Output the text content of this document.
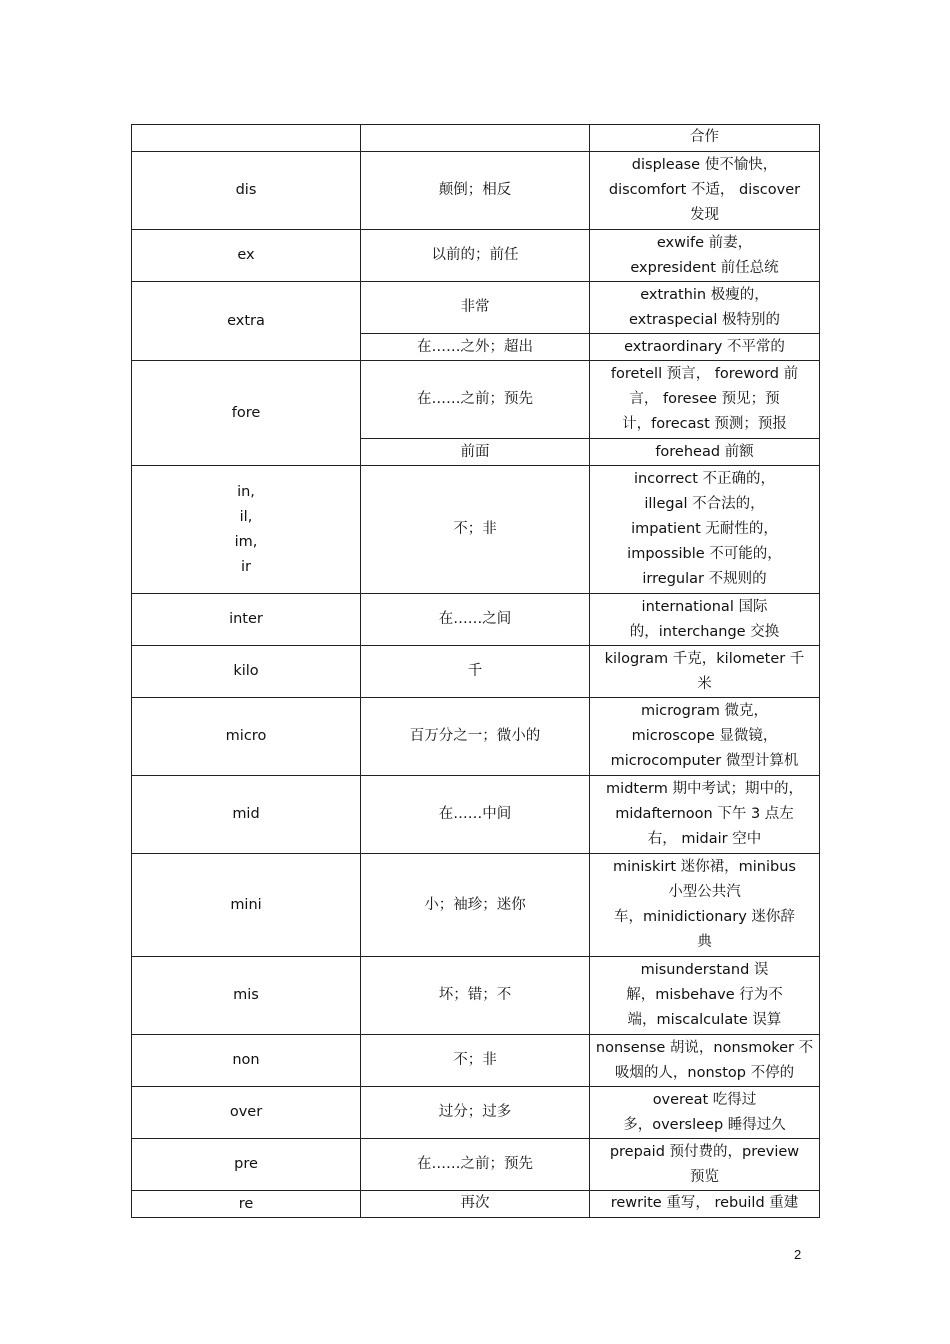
		合作
dis	颠倒；相反	displease 使不愉快，
discomfort 不适， discover
发现
ex	以前的；前任	exwife 前妻，
expresident 前任总统
extra	非常	extrathin 极瘦的，
extraspecial 极特别的
	在……之外；超出	extraordinary 不平常的
fore	在……之前；预先	foretell 预言， foreword 前
言， foresee 预见；预
计，forecast 预测；预报
	前面	forehead 前额
in,
il,
im,
ir	不；非	incorrect 不正确的，
illegal 不合法的，
impatient 无耐性的，
impossible 不可能的，
irregular 不规则的
inter	在……之间	international 国际
的，interchange 交换
kilo	千	kilogram 千克，kilometer 千
米
micro	百万分之一；微小的	microgram 微克，
microscope 显微镜，
microcomputer 微型计算机
mid	在……中间	midterm 期中考试；期中的，
midafternoon 下午 3 点左
右， midair 空中
mini	小；袖珍；迷你	miniskirt 迷你裙，minibus
小型公共汽
车，minidictionary 迷你辞
典
mis	坏；错；不	misunderstand 误
解，misbehave 行为不
端，miscalculate 误算
non	不；非	nonsense 胡说，nonsmoker 不
吸烟的人，nonstop 不停的
over	过分；过多	overeat 吃得过
多，oversleep 睡得过久
pre	在……之前；预先	prepaid 预付费的，preview
预览
re	再次	rewrite 重写， rebuild 重建
2
